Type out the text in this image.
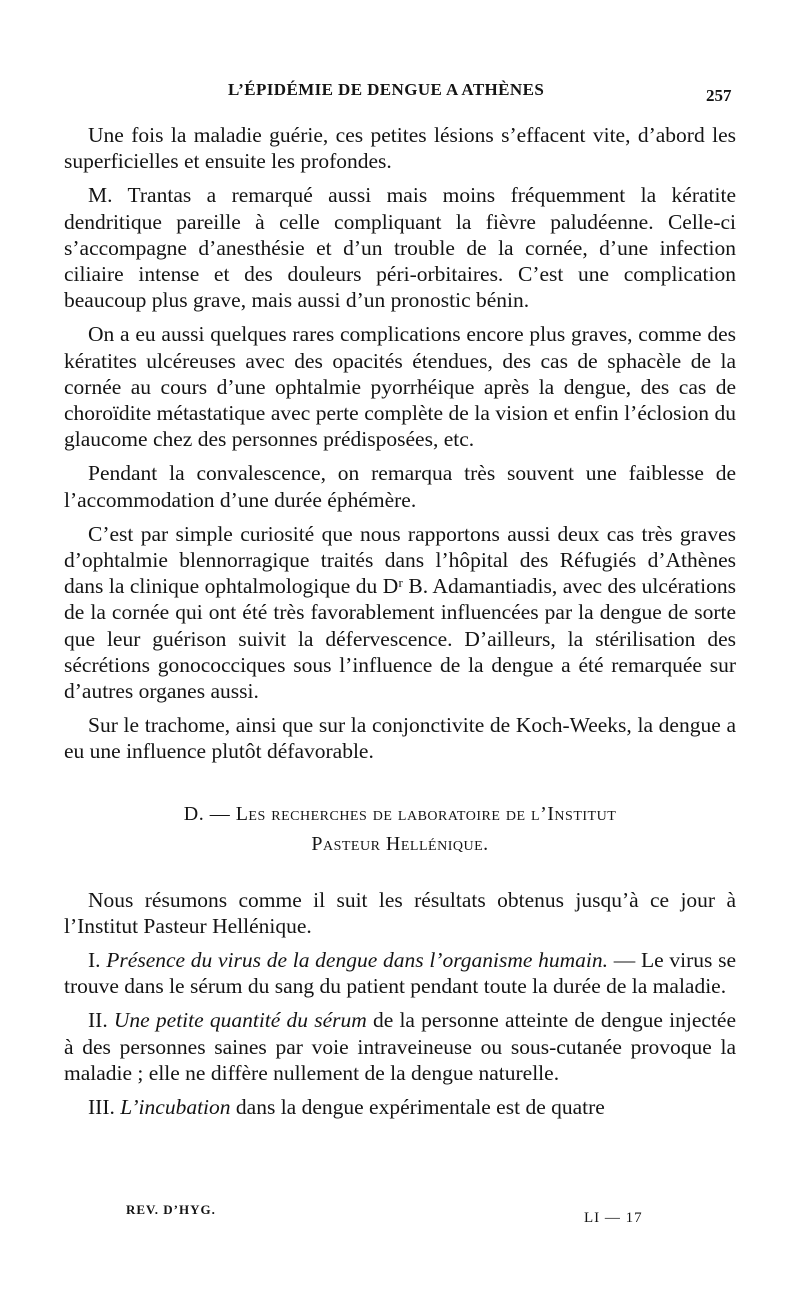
L’ÉPIDÉMIE DE DENGUE A ATHÈNES	257

Une fois la maladie guérie, ces petites lésions s’effacent vite, d’abord les superficielles et ensuite les profondes.

M. Trantas a remarqué aussi mais moins fréquemment la kératite dendritique pareille à celle compliquant la fièvre paludéenne. Celle-ci s’accompagne d’anesthésie et d’un trouble de la cornée, d’une infection ciliaire intense et des douleurs péri-orbitaires. C’est une complication beaucoup plus grave, mais aussi d’un pronostic bénin.

On a eu aussi quelques rares complications encore plus graves, comme des kératites ulcéreuses avec des opacités étendues, des cas de sphacèle de la cornée au cours d’une ophtalmie pyorrhéique après la dengue, des cas de choroïdite métastatique avec perte complète de la vision et enfin l’éclosion du glaucome chez des personnes prédisposées, etc.

Pendant la convalescence, on remarqua très souvent une faiblesse de l’accommodation d’une durée éphémère.

C’est par simple curiosité que nous rapportons aussi deux cas très graves d’ophtalmie blennorragique traités dans l’hôpital des Réfugiés d’Athènes dans la clinique ophtalmologique du Dʳ B. Adamantiadis, avec des ulcérations de la cornée qui ont été très favorablement influencées par la dengue de sorte que leur guérison suivit la défervescence. D’ailleurs, la stérilisation des sécrétions gonococciques sous l’influence de la dengue a été remarquée sur d’autres organes aussi.

Sur le trachome, ainsi que sur la conjonctivite de Koch-Weeks, la dengue a eu une influence plutôt défavorable.

D. — Les recherches de laboratoire de l’Institut
Pasteur Hellénique.

Nous résumons comme il suit les résultats obtenus jusqu’à ce jour à l’Institut Pasteur Hellénique.

I. Présence du virus de la dengue dans l’organisme humain. — Le virus se trouve dans le sérum du sang du patient pendant toute la durée de la maladie.

II. Une petite quantité du sérum de la personne atteinte de dengue injectée à des personnes saines par voie intraveineuse ou sous-cutanée provoque la maladie ; elle ne diffère nullement de la dengue naturelle.

III. L’incubation dans la dengue expérimentale est de quatre

REV. D’HYG.
LI — 17
